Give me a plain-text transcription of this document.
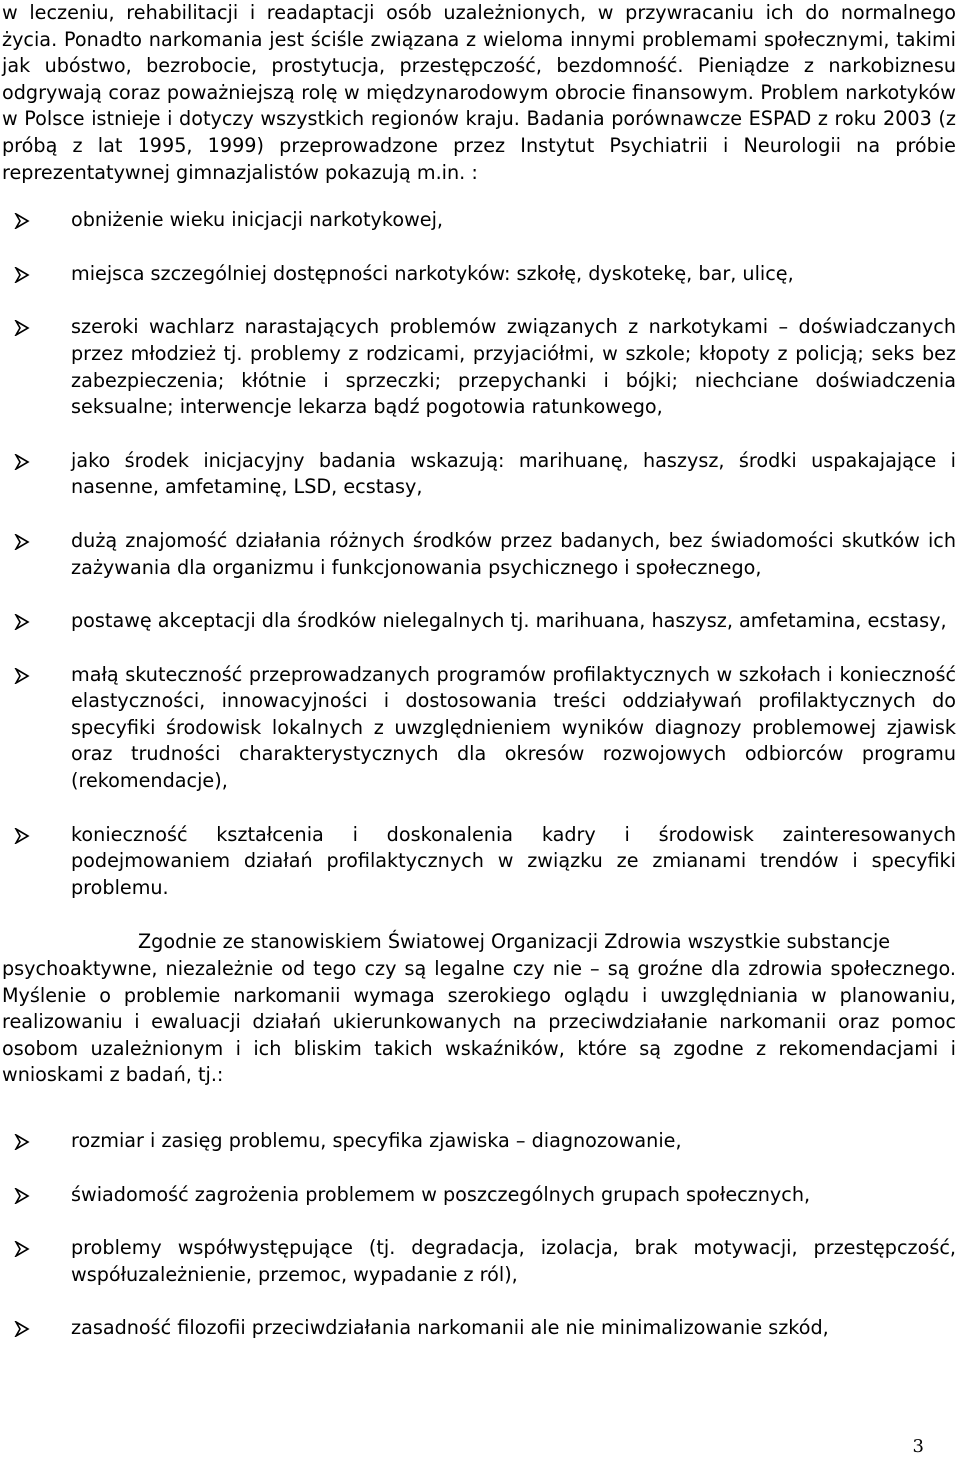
w leczeniu, rehabilitacji i readaptacji osób uzależnionych, w przywracaniu ich do normalnego życia. Ponadto narkomania jest ściśle związana z wieloma innymi problemami społecznymi, takimi jak ubóstwo, bezrobocie, prostytucja, przestępczość, bezdomność. Pieniądze z narkobiznesu odgrywają coraz poważniejszą rolę w międzynarodowym obrocie finansowym. Problem narkotyków w Polsce istnieje i dotyczy wszystkich regionów kraju. Badania porównawcze ESPAD z roku 2003 (z próbą z lat 1995, 1999) przeprowadzone przez Instytut Psychiatrii i Neurologii na próbie reprezentatywnej gimnazjalistów pokazują m.in. :

obniżenie wieku inicjacji narkotykowej,
miejsca szczególniej dostępności narkotyków: szkołę, dyskotekę, bar, ulicę,
szeroki wachlarz narastających problemów związanych z narkotykami – doświadczanych przez młodzież tj. problemy z rodzicami, przyjaciółmi, w szkole; kłopoty z policją; seks bez zabezpieczenia; kłótnie i sprzeczki; przepychanki i bójki; niechciane doświadczenia seksualne; interwencje lekarza bądź pogotowia ratunkowego,
jako środek inicjacyjny badania wskazują: marihuanę, haszysz, środki uspakajające i nasenne, amfetaminę, LSD, ecstasy,
dużą znajomość działania różnych środków przez badanych, bez świadomości skutków ich zażywania dla organizmu i funkcjonowania psychicznego i społecznego,
postawę akceptacji dla środków nielegalnych tj. marihuana, haszysz, amfetamina, ecstasy,
małą skuteczność przeprowadzanych programów profilaktycznych w szkołach i konieczność elastyczności, innowacyjności i dostosowania treści oddziaływań profilaktycznych do specyfiki środowisk lokalnych z uwzględnieniem wyników diagnozy problemowej zjawisk oraz trudności charakterystycznych dla okresów rozwojowych odbiorców programu (rekomendacje),
konieczność kształcenia i doskonalenia kadry i środowisk zainteresowanych podejmowaniem działań profilaktycznych w związku ze zmianami trendów i specyfiki problemu.

Zgodnie ze stanowiskiem Światowej Organizacji Zdrowia wszystkie substancje

psychoaktywne, niezależnie od tego czy są legalne czy nie – są groźne dla zdrowia społecznego. Myślenie o problemie narkomanii wymaga szerokiego oglądu i uwzględniania w planowaniu, realizowaniu i ewaluacji działań ukierunkowanych na przeciwdziałanie narkomanii oraz pomoc osobom uzależnionym i ich bliskim takich wskaźników, które są zgodne z rekomendacjami i wnioskami z badań, tj.:

rozmiar i zasięg problemu, specyfika zjawiska – diagnozowanie,
świadomość zagrożenia problemem w poszczególnych grupach społecznych,
problemy współwystępujące (tj. degradacja, izolacja, brak motywacji, przestępczość, współuzależnienie, przemoc, wypadanie z ról),
zasadność filozofii przeciwdziałania narkomanii ale nie minimalizowanie szkód,
3
